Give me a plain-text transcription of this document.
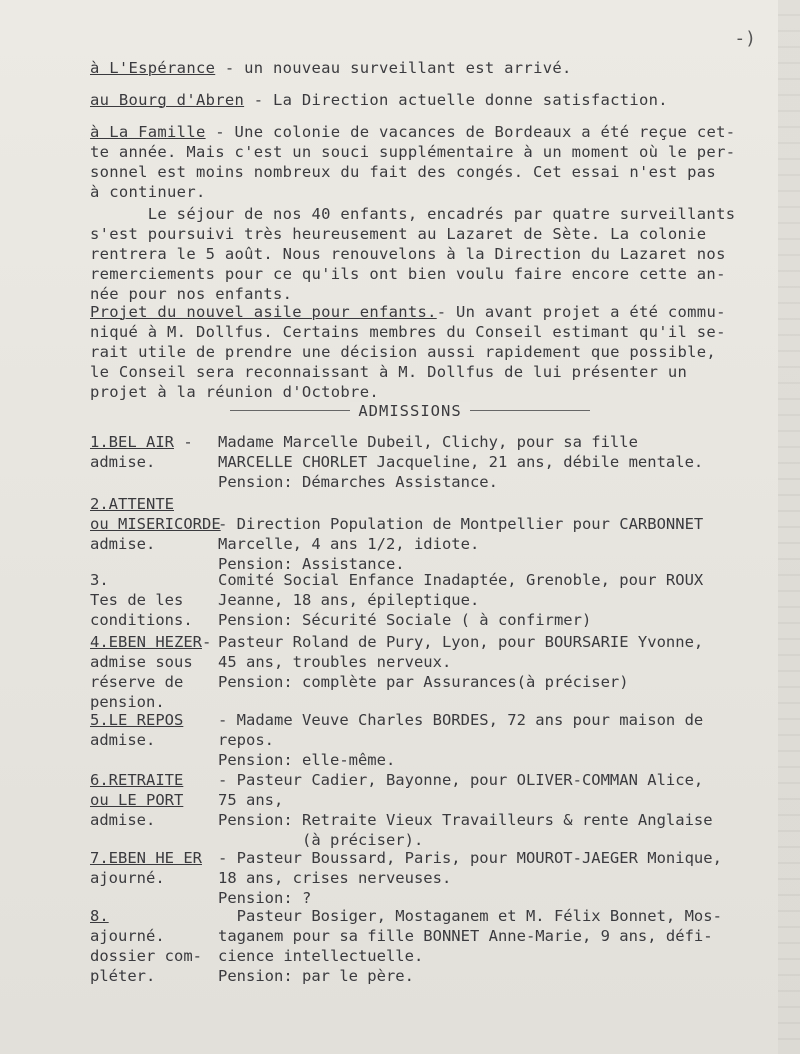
-)
à L'Espérance - un nouveau surveillant est arrivé.
au Bourg d'Abren - La Direction actuelle donne satisfaction.
à La Famille - Une colonie de vacances de Bordeaux a été reçue cet-
te année. Mais c'est un souci supplémentaire à un moment où le per-
sonnel est moins nombreux du fait des congés. Cet essai n'est pas
à continuer.
Le séjour de nos 40 enfants, encadrés par quatre surveillants
s'est poursuivi très heureusement au Lazaret de Sète. La colonie
rentrera le 5 août. Nous renouvelons à la Direction du Lazaret nos
remerciements pour ce qu'ils ont bien voulu faire encore cette an-
née pour nos enfants.
Projet du nouvel asile pour enfants.- Un avant projet a été commu-
niqué à M. Dollfus. Certains membres du Conseil estimant qu'il se-
rait utile de prendre une décision aussi rapidement que possible,
le Conseil sera reconnaissant à M. Dollfus de lui présenter un
projet à la réunion d'Octobre.
ADMISSIONS
1.BEL AIR -
admise.
Madame Marcelle Dubeil, Clichy, pour sa fille
MARCELLE CHORLET Jacqueline, 21 ans, débile mentale.
Pension: Démarches Assistance.
2.ATTENTE
ou MISERICORDE
admise.
- Direction Population de Montpellier pour CARBONNET
Marcelle, 4 ans 1/2, idiote.
Pension: Assistance.
3.
Tes de les
conditions.
Comité Social Enfance Inadaptée, Grenoble, pour ROUX
Jeanne, 18 ans, épileptique.
Pension: Sécurité Sociale ( à confirmer)
4.EBEN HEZER-
admise sous
réserve de
pension.
Pasteur Roland de Pury, Lyon, pour BOURSARIE Yvonne,
45 ans, troubles nerveux.
Pension: complète par Assurances(à préciser)
5.LE REPOS
admise.
- Madame Veuve Charles BORDES, 72 ans pour maison de
repos.
Pension: elle-même.
6.RETRAITE
ou LE PORT
admise.
- Pasteur Cadier, Bayonne, pour OLIVER-COMMAN Alice,
75 ans,
Pension: Retraite Vieux Travailleurs & rente Anglaise
(à préciser).
7.EBEN HE ER
ajourné.
- Pasteur Boussard, Paris, pour MOUROT-JAEGER Monique,
18 ans, crises nerveuses.
Pension: ?
8.
ajourné.
dossier com-
pléter.
Pasteur Bosiger, Mostaganem et M. Félix Bonnet, Mos-
taganem pour sa fille BONNET Anne-Marie, 9 ans, défi-
cience intellectuelle.
Pension: par le père.
